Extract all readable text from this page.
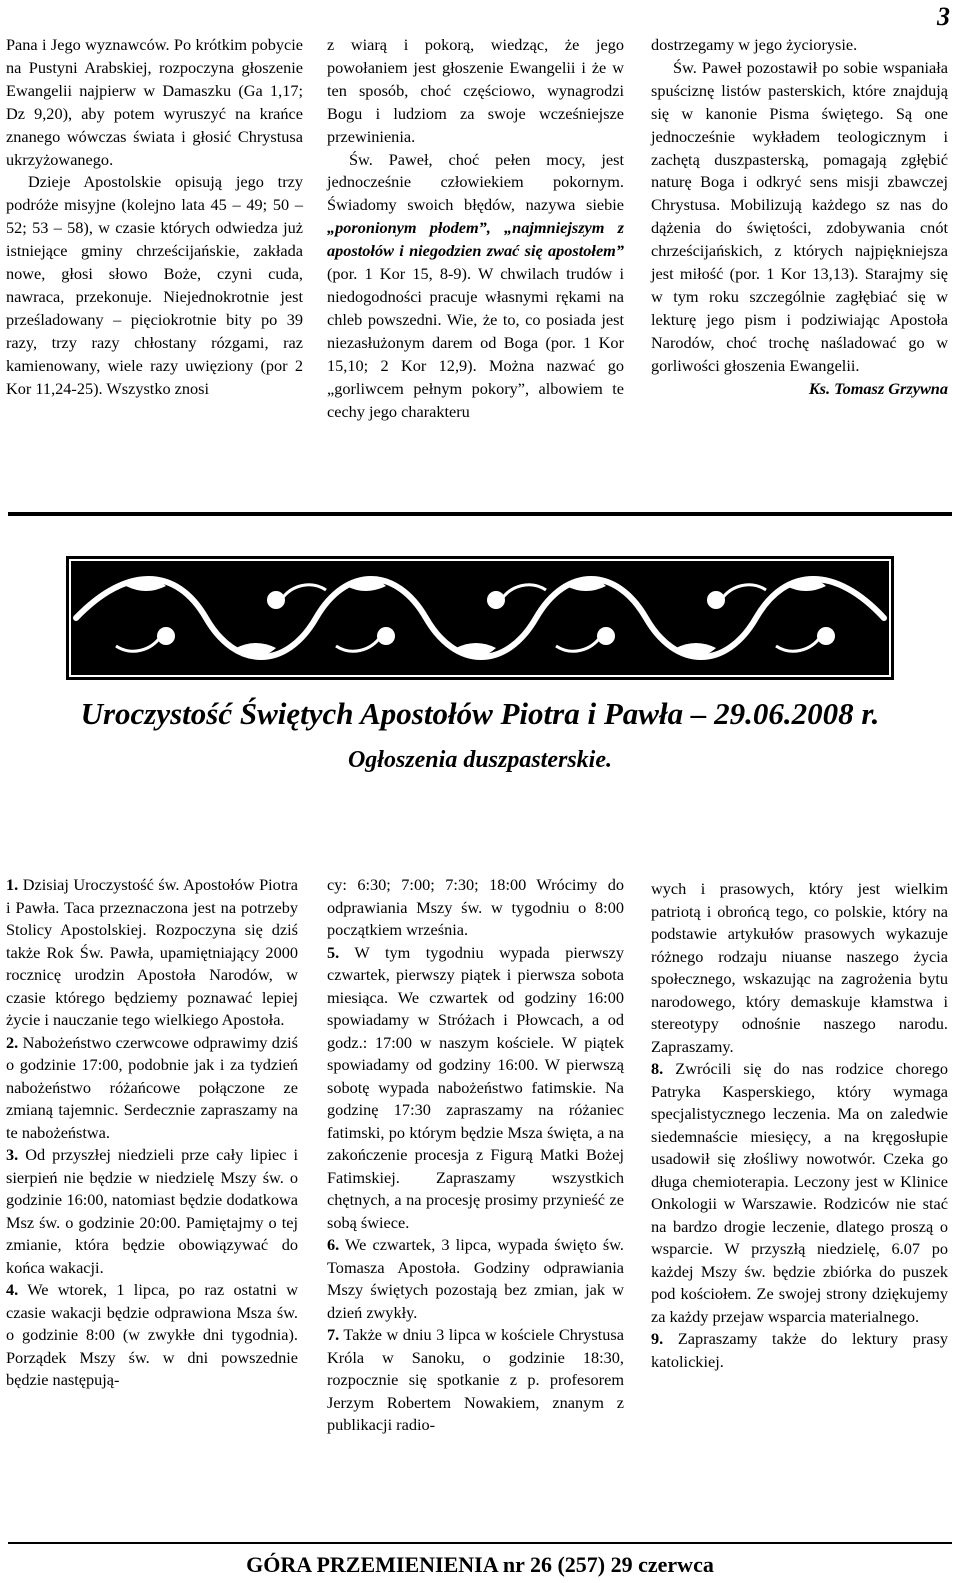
3

Pana i Jego wyznawców. Po krótkim pobycie na Pustyni Arabskiej, rozpoczyna głoszenie Ewangelii najpierw w Damaszku (Ga 1,17; Dz 9,20), aby potem wyruszyć na krańce znanego wówczas świata i głosić Chrystusa ukrzyżowanego.

Dzieje Apostolskie opisują jego trzy podróże misyjne (kolejno lata 45 – 49; 50 – 52; 53 – 58), w czasie których odwiedza już istniejące gminy chrześcijańskie, zakłada nowe, głosi słowo Boże, czyni cuda, nawraca, przekonuje. Niejednokrotnie jest prześladowany – pięciokrotnie bity po 39 razy, trzy razy chłostany rózgami, raz kamienowany, wiele razy uwięziony (por 2 Kor 11,24-25). Wszystko znosi

z wiarą i pokorą, wiedząc, że jego powołaniem jest głoszenie Ewangelii i że w ten sposób, choć częściowo, wynagrodzi Bogu i ludziom za swoje wcześniejsze przewinienia.

Św. Paweł, choć pełen mocy, jest jednocześnie człowiekiem pokornym. Świadomy swoich błędów, nazywa siebie „poronionym płodem”, „najmniejszym z apostołów i niegodzien zwać się apostołem” (por. 1 Kor 15, 8-9). W chwilach trudów i niedogodności pracuje własnymi rękami na chleb powszedni. Wie, że to, co posiada jest niezasłużonym darem od Boga (por. 1 Kor 15,10; 2 Kor 12,9). Można nazwać go „gorliwcem pełnym pokory”, albowiem te cechy jego charakteru

dostrzegamy w jego życiorysie.

Św. Paweł pozostawił po sobie wspaniała spuściznę listów pasterskich, które znajdują się w kanonie Pisma świętego. Są one jednocześnie wykładem teologicznym i zachętą duszpasterską, pomagają zgłębić naturę Boga i odkryć sens misji zbawczej Chrystusa. Mobilizują każdego sz nas do dążenia do świętości, zdobywania cnót chrześcijańskich, z których najpiękniejsza jest miłość (por. 1 Kor 13,13). Starajmy się w tym roku szczególnie zagłębiać się w lekturę jego pism i podziwiając Apostoła Narodów, choć trochę naśladować go w gorliwości głoszenia Ewangelii.

Ks. Tomasz Grzywna

Uroczystość Świętych Apostołów Piotra i Pawła – 29.06.2008 r.
Ogłoszenia duszpasterskie.

1. Dzisiaj Uroczystość św. Apostołów Piotra i Pawła. Taca przeznaczona jest na potrzeby Stolicy Apostolskiej. Rozpoczyna się dziś także Rok Św. Pawła, upamiętniający 2000 rocznicę urodzin Apostoła Narodów, w czasie którego będziemy poznawać lepiej życie i nauczanie tego wielkiego Apostoła.

2. Nabożeństwo czerwcowe odprawimy dziś o godzinie 17:00, podobnie jak i za tydzień nabożeństwo różańcowe połączone ze zmianą tajemnic. Serdecznie zapraszamy na te nabożeństwa.

3. Od przyszłej niedzieli prze cały lipiec i sierpień nie będzie w niedzielę Mszy św. o godzinie 16:00, natomiast będzie dodatkowa Msz św. o godzinie 20:00. Pamiętajmy o tej zmianie, która będzie obowiązywać do końca wakacji.

4. We wtorek, 1 lipca, po raz ostatni w czasie wakacji będzie odprawiona Msza św. o godzinie 8:00 (w zwykłe dni tygodnia). Porządek Mszy św. w dni powszednie będzie następują-

cy: 6:30; 7:00; 7:30; 18:00 Wrócimy do odprawiania Mszy św. w tygodniu o 8:00 początkiem września.

5. W tym tygodniu wypada pierwszy czwartek, pierwszy piątek i pierwsza sobota miesiąca. We czwartek od godziny 16:00 spowiadamy w Stróżach i Płowcach, a od godz.: 17:00 w naszym kościele. W piątek spowiadamy od godziny 16:00. W pierwszą sobotę wypada nabożeństwo fatimskie. Na godzinę 17:30 zapraszamy na różaniec fatimski, po którym będzie Msza święta, a na zakończenie procesja z Figurą Matki Bożej Fatimskiej. Zapraszamy wszystkich chętnych, a na procesję prosimy przynieść ze sobą świece.

6. We czwartek, 3 lipca, wypada święto św. Tomasza Apostoła. Godziny odprawiania Mszy świętych pozostają bez zmian, jak w dzień zwykły.

7. Także w dniu 3 lipca w kościele Chrystusa Króla w Sanoku, o godzinie 18:30, rozpocznie się spotkanie z p. profesorem Jerzym Robertem Nowakiem, znanym z publikacji radio-

wych i prasowych, który jest wielkim patriotą i obrońcą tego, co polskie, który na podstawie artykułów prasowych wykazuje różnego rodzaju niuanse naszego życia społecznego, wskazując na zagrożenia bytu narodowego, który demaskuje kłamstwa i stereotypy odnośnie naszego narodu. Zapraszamy.

8. Zwrócili się do nas rodzice chorego Patryka Kasperskiego, który wymaga specjalistycznego leczenia. Ma on zaledwie siedemnaście miesięcy, a na kręgosłupie usadowił się złośliwy nowotwór. Czeka go długa chemioterapia. Leczony jest w Klinice Onkologii w Warszawie. Rodziców nie stać na bardzo drogie leczenie, dlatego proszą o wsparcie. W przyszłą niedzielę, 6.07 po każdej Mszy św. będzie zbiórka do puszek pod kościołem. Ze swojej strony dziękujemy za każdy przejaw wsparcia materialnego.

9. Zapraszamy także do lektury prasy katolickiej.

GÓRA PRZEMIENIENIA nr 26 (257) 29 czerwca
